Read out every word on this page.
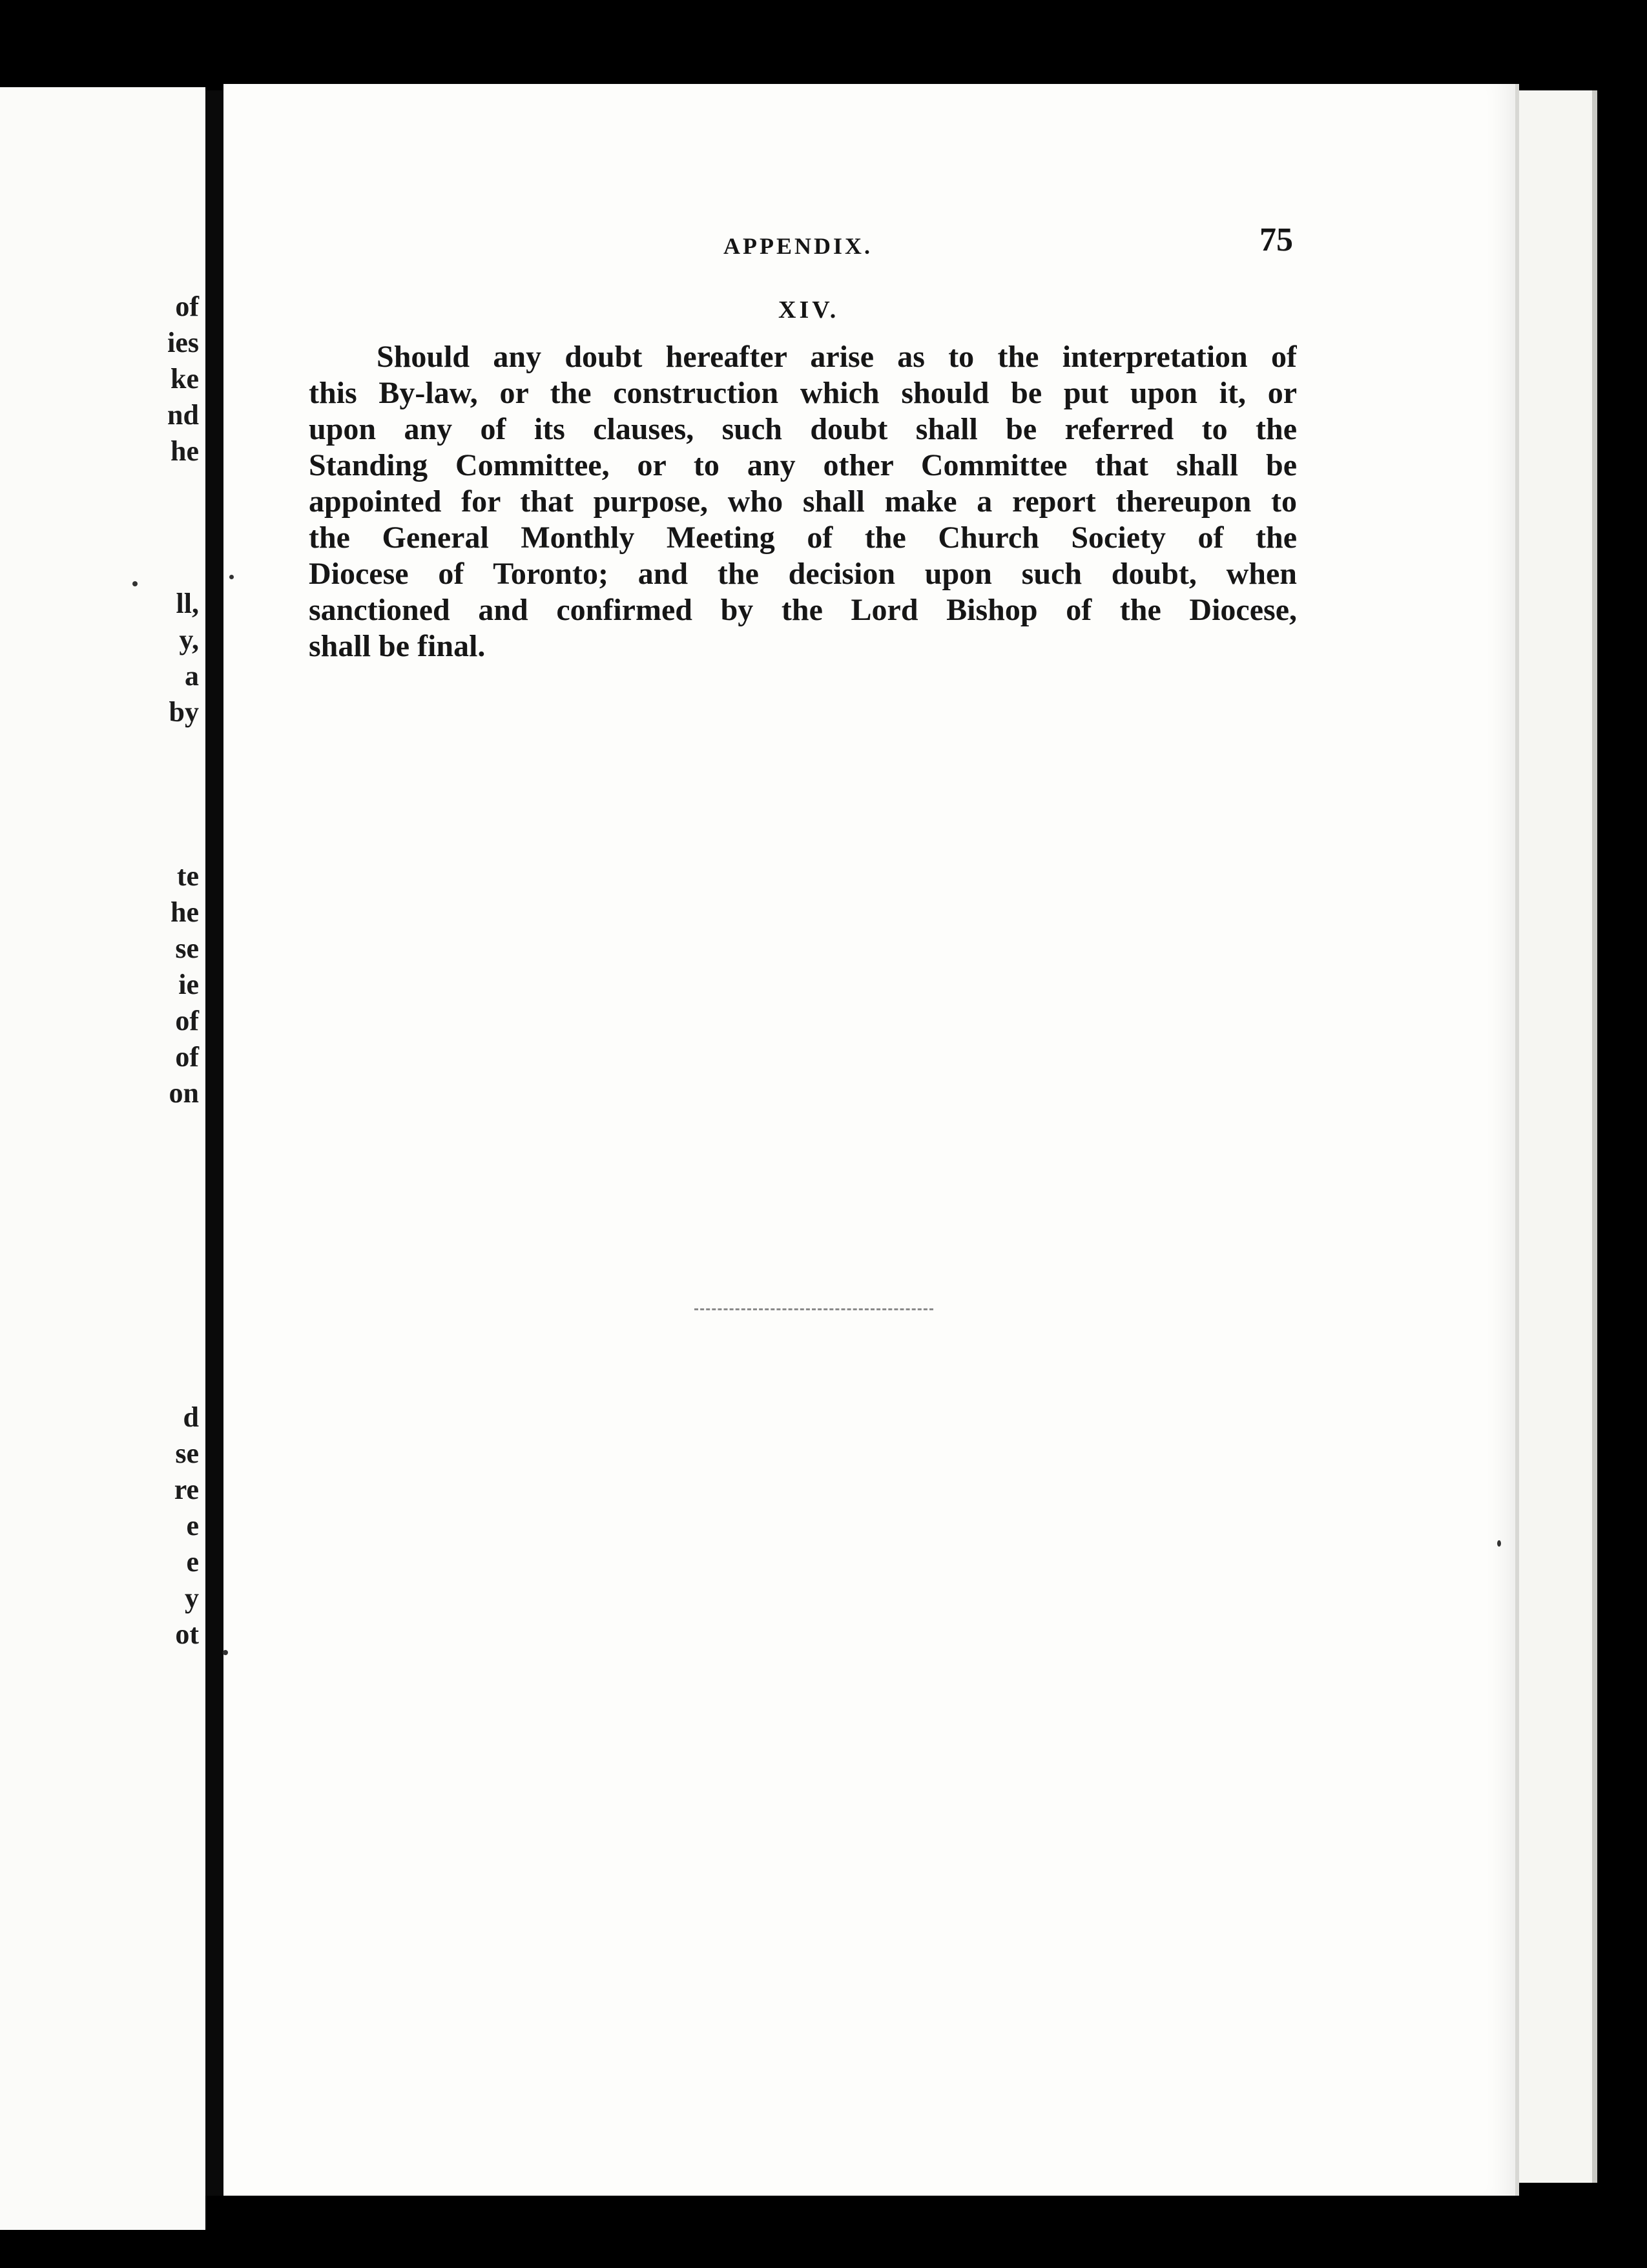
of
ies
ke
nd
he
ll,
y,
a
by
te
he
se
ie
of
of
on
d
se
re
e
e
y
ot
APPENDIX.	75
XIV.
Should any doubt hereafter arise as to the interpretation of
this By-law, or the construction which should be put upon it, or
upon any of its clauses, such doubt shall be referred to the
Standing Committee, or to any other Committee that shall be
appointed for that purpose, who shall make a report thereupon to
the General Monthly Meeting of the Church Society of the
Diocese of Toronto; and the decision upon such doubt, when
sanctioned and confirmed by the Lord Bishop of the Diocese,
shall be final.
